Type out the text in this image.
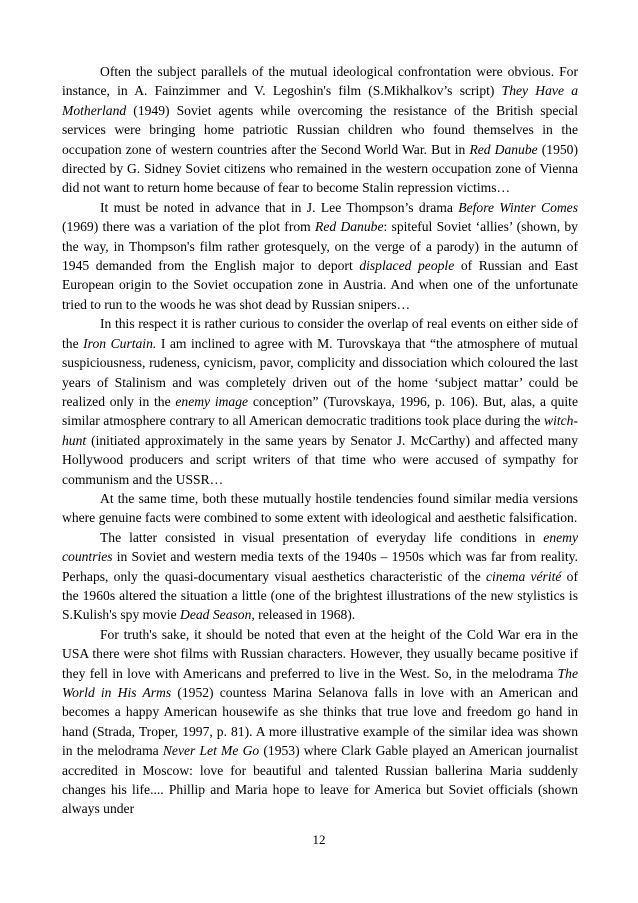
Often the subject parallels of the mutual ideological confrontation were obvious. For instance, in A. Fainzimmer and V. Legoshin's film (S.Mikhalkov’s script) They Have a Motherland (1949) Soviet agents while overcoming the resistance of the British special services were bringing home patriotic Russian children who found themselves in the occupation zone of western countries after the Second World War. But in Red Danube (1950) directed by G. Sidney Soviet citizens who remained in the western occupation zone of Vienna did not want to return home because of fear to become Stalin repression victims…

It must be noted in advance that in J. Lee Thompson’s drama Before Winter Comes (1969) there was a variation of the plot from Red Danube: spiteful Soviet ‘allies’ (shown, by the way, in Thompson's film rather grotesquely, on the verge of a parody) in the autumn of 1945 demanded from the English major to deport displaced people of Russian and East European origin to the Soviet occupation zone in Austria. And when one of the unfortunate tried to run to the woods he was shot dead by Russian snipers…

In this respect it is rather curious to consider the overlap of real events on either side of the Iron Curtain. I am inclined to agree with M. Turovskaya that “the atmosphere of mutual suspiciousness, rudeness, cynicism, pavor, complicity and dissociation which coloured the last years of Stalinism and was completely driven out of the home ‘subject mattar’ could be realized only in the enemy image conception” (Turovskaya, 1996, p. 106). But, alas, a quite similar atmosphere contrary to all American democratic traditions took place during the witch-hunt (initiated approximately in the same years by Senator J. McCarthy) and affected many Hollywood producers and script writers of that time who were accused of sympathy for communism and the USSR…

At the same time, both these mutually hostile tendencies found similar media versions where genuine facts were combined to some extent with ideological and aesthetic falsification.

The latter consisted in visual presentation of everyday life conditions in enemy countries in Soviet and western media texts of the 1940s – 1950s which was far from reality. Perhaps, only the quasi-documentary visual aesthetics characteristic of the cinema vérité of the 1960s altered the situation a little (one of the brightest illustrations of the new stylistics is S.Kulish's spy movie Dead Season, released in 1968).

For truth's sake, it should be noted that even at the height of the Cold War era in the USA there were shot films with Russian characters. However, they usually became positive if they fell in love with Americans and preferred to live in the West. So, in the melodrama The World in His Arms (1952) countess Marina Selanova falls in love with an American and becomes a happy American housewife as she thinks that true love and freedom go hand in hand (Strada, Troper, 1997, p. 81). A more illustrative example of the similar idea was shown in the melodrama Never Let Me Go (1953) where Clark Gable played an American journalist accredited in Moscow: love for beautiful and talented Russian ballerina Maria suddenly changes his life.... Phillip and Maria hope to leave for America but Soviet officials (shown always under

12
